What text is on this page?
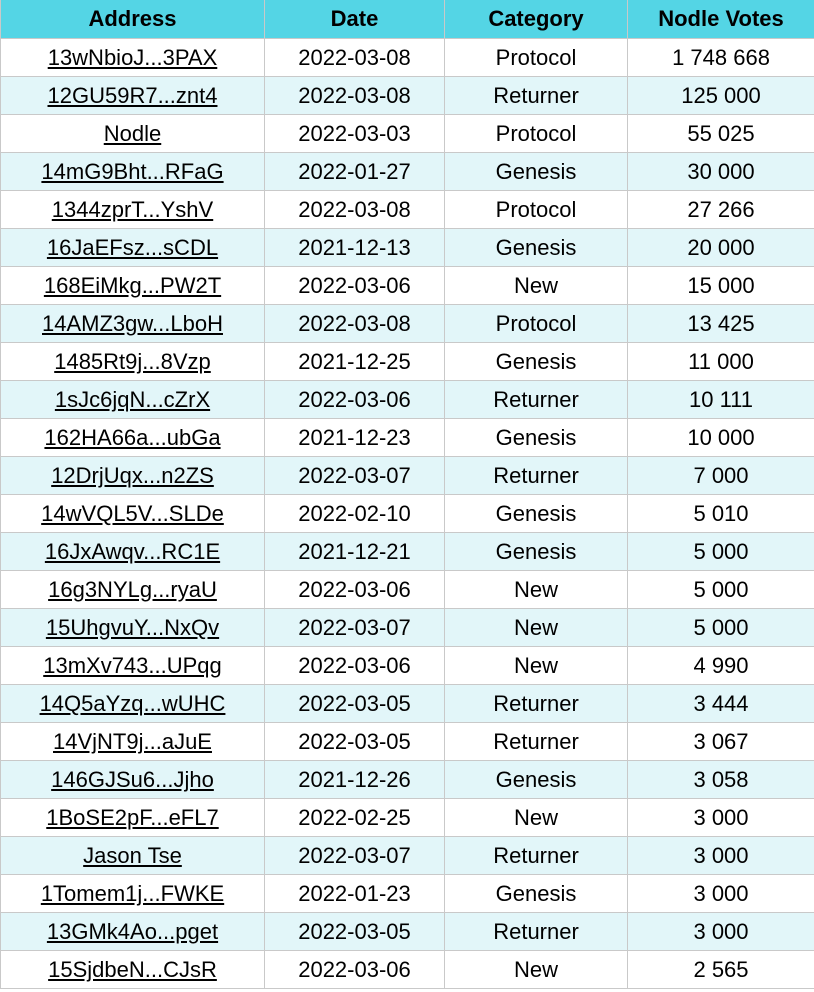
Address	Date	Category	Nodle Votes
13wNbioJ...3PAX	2022-03-08	Protocol	1 748 668
12GU59R7...znt4	2022-03-08	Returner	125 000
Nodle	2022-03-03	Protocol	55 025
14mG9Bht...RFaG	2022-01-27	Genesis	30 000
1344zprT...YshV	2022-03-08	Protocol	27 266
16JaEFsz...sCDL	2021-12-13	Genesis	20 000
168EiMkg...PW2T	2022-03-06	New	15 000
14AMZ3gw...LboH	2022-03-08	Protocol	13 425
1485Rt9j...8Vzp	2021-12-25	Genesis	11 000
1sJc6jqN...cZrX	2022-03-06	Returner	10 111
162HA66a...ubGa	2021-12-23	Genesis	10 000
12DrjUqx...n2ZS	2022-03-07	Returner	7 000
14wVQL5V...SLDe	2022-02-10	Genesis	5 010
16JxAwqv...RC1E	2021-12-21	Genesis	5 000
16g3NYLg...ryaU	2022-03-06	New	5 000
15UhgvuY...NxQv	2022-03-07	New	5 000
13mXv743...UPqg	2022-03-06	New	4 990
14Q5aYzq...wUHC	2022-03-05	Returner	3 444
14VjNT9j...aJuE	2022-03-05	Returner	3 067
146GJSu6...Jjho	2021-12-26	Genesis	3 058
1BoSE2pF...eFL7	2022-02-25	New	3 000
Jason Tse	2022-03-07	Returner	3 000
1Tomem1j...FWKE	2022-01-23	Genesis	3 000
13GMk4Ao...pget	2022-03-05	Returner	3 000
15SjdbeN...CJsR	2022-03-06	New	2 565
